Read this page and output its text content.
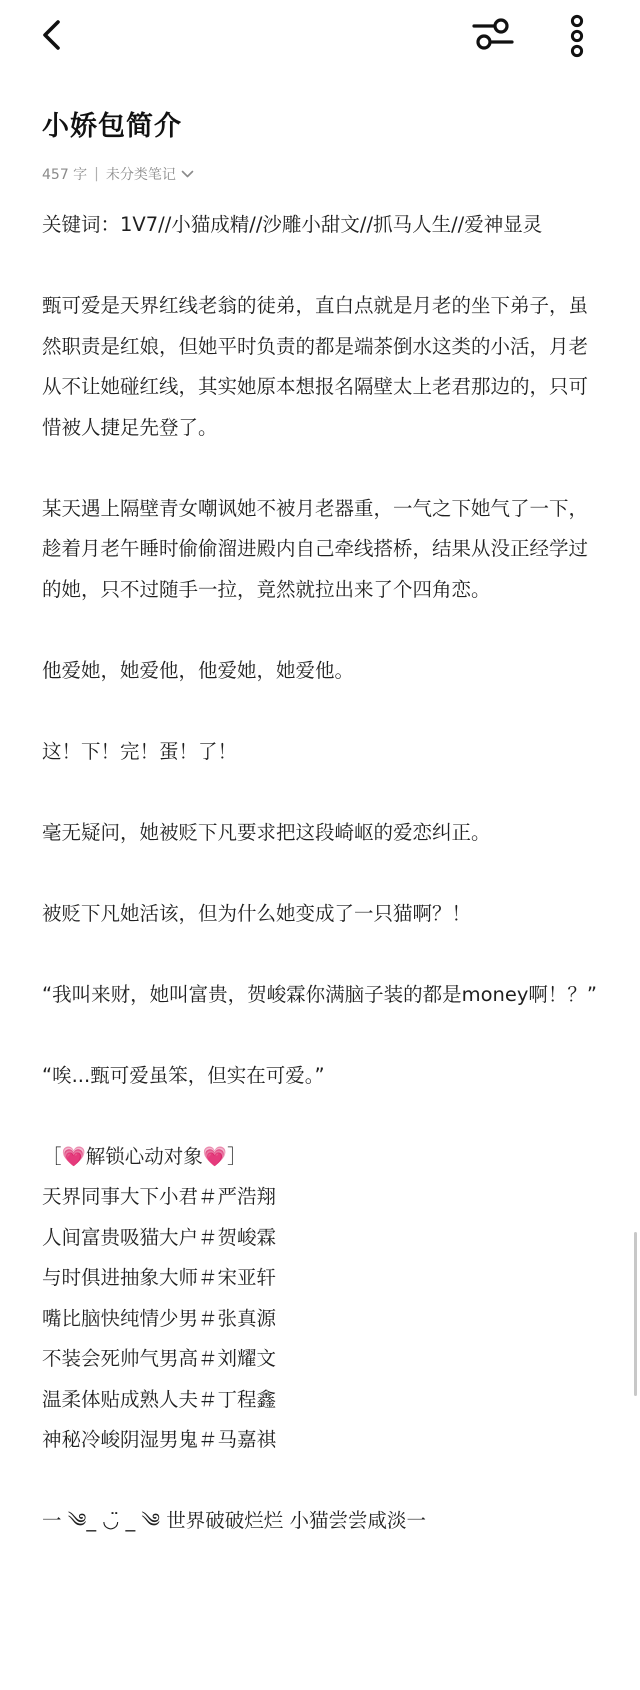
小娇包简介
457 字 | 未分类笔记

关键词：1V7//小猫成精//沙雕小甜文//抓马人生//爱神显灵

甄可爱是天界红线老翁的徒弟，直白点就是月老的坐下弟子，虽然职责是红娘，但她平时负责的都是端茶倒水这类的小活，月老从不让她碰红线，其实她原本想报名隔壁太上老君那边的，只可惜被人捷足先登了。

某天遇上隔壁青女嘲讽她不被月老器重，一气之下她气了一下，趁着月老午睡时偷偷溜进殿内自己牵线搭桥，结果从没正经学过的她，只不过随手一拉，竟然就拉出来了个四角恋。

他爱她，她爱他，他爱她，她爱他。

这！下！完！蛋！了！

毫无疑问，她被贬下凡要求把这段崎岖的爱恋纠正。

被贬下凡她活该，但为什么她变成了一只猫啊？！

“我叫来财，她叫富贵，贺峻霖你满脑子装的都是money啊！？”

“唉...甄可爱虽笨，但实在可爱。”

［💗解锁心动对象💗］

天界同事大下小君＃严浩翔

人间富贵吸猫大户＃贺峻霖

与时俱进抽象大师＃宋亚轩

嘴比脑快纯情少男＃张真源

不装会死帅气男高＃刘耀文

温柔体贴成熟人夫＃丁程鑫

神秘冷峻阴湿男鬼＃马嘉祺

一 ༄_ ◡̈ _ ༄ 世界破破烂烂 小猫尝尝咸淡一
